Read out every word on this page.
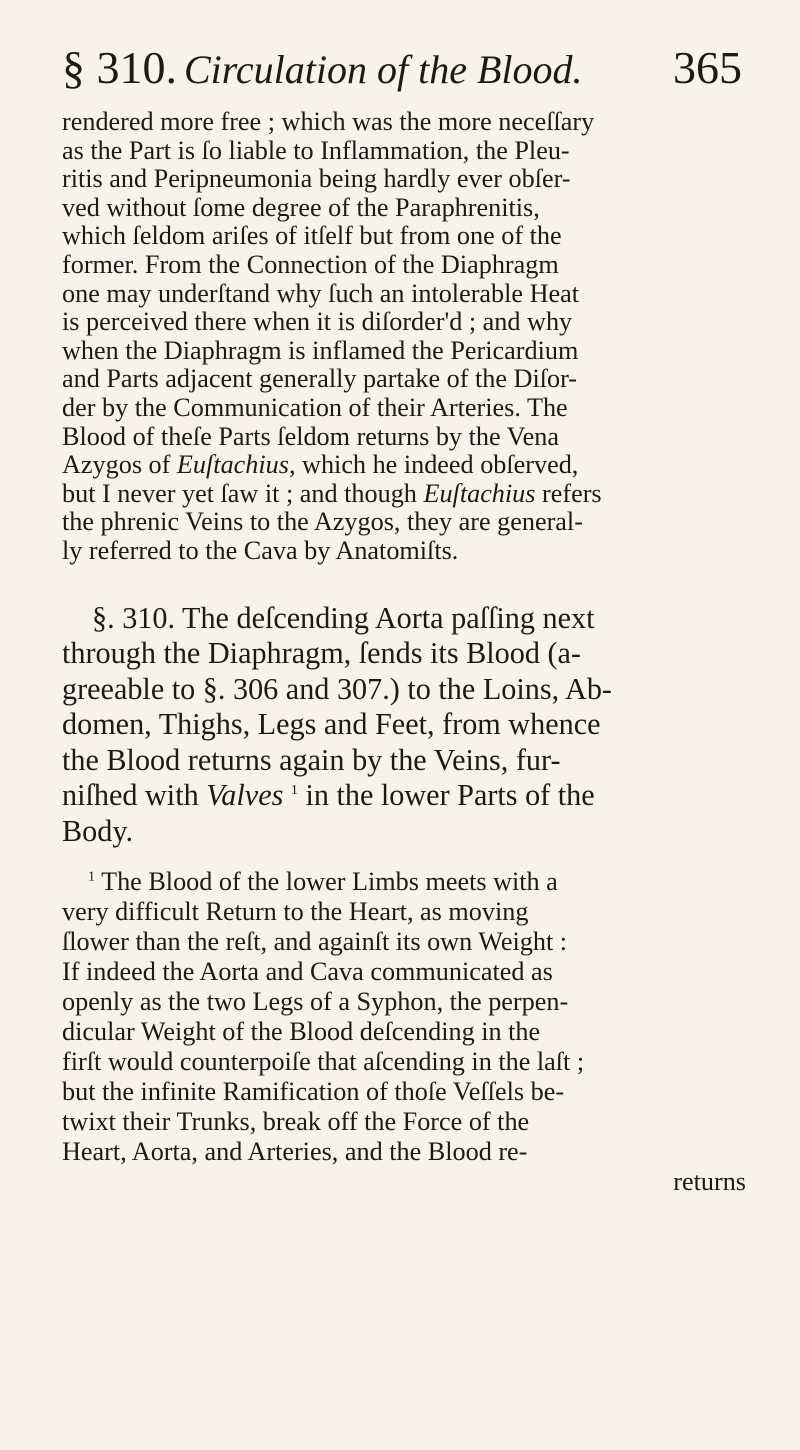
§ 310. Circulation of the Blood. 365
rendered more free ; which was the more neceſſary
as the Part is ſo liable to Inflammation, the Pleu-
ritis and Peripneumonia being hardly ever obſer-
ved without ſome degree of the Paraphrenitis,
which ſeldom ariſes of itſelf but from one of the
former. From the Connection of the Diaphragm
one may underſtand why ſuch an intolerable Heat
is perceived there when it is diſorder'd ; and why
when the Diaphragm is inflamed the Pericardium
and Parts adjacent generally partake of the Diſor-
der by the Communication of their Arteries. The
Blood of theſe Parts ſeldom returns by the Vena
Azygos of Euſtachius, which he indeed obſerved,
but I never yet ſaw it ; and though Euſtachius refers
the phrenic Veins to the Azygos, they are general-
ly referred to the Cava by Anatomiſts.
§. 310. The deſcending Aorta paſſing next
through the Diaphragm, ſends its Blood (a-
greeable to §. 306 and 307.) to the Loins, Ab-
domen, Thighs, Legs and Feet, from whence
the Blood returns again by the Veins, fur-
niſhed with Valves $^1$ in the lower Parts of the
Body.
$^1$ The Blood of the lower Limbs meets with a
very difficult Return to the Heart, as moving
ſlower than the reſt, and againſt its own Weight :
If indeed the Aorta and Cava communicated as
openly as the two Legs of a Syphon, the perpen-
dicular Weight of the Blood deſcending in the
firſt would counterpoiſe that aſcending in the laſt ;
but the infinite Ramification of thoſe Veſſels be-
twixt their Trunks, break off the Force of the
Heart, Aorta, and Arteries, and the Blood re-
returns
